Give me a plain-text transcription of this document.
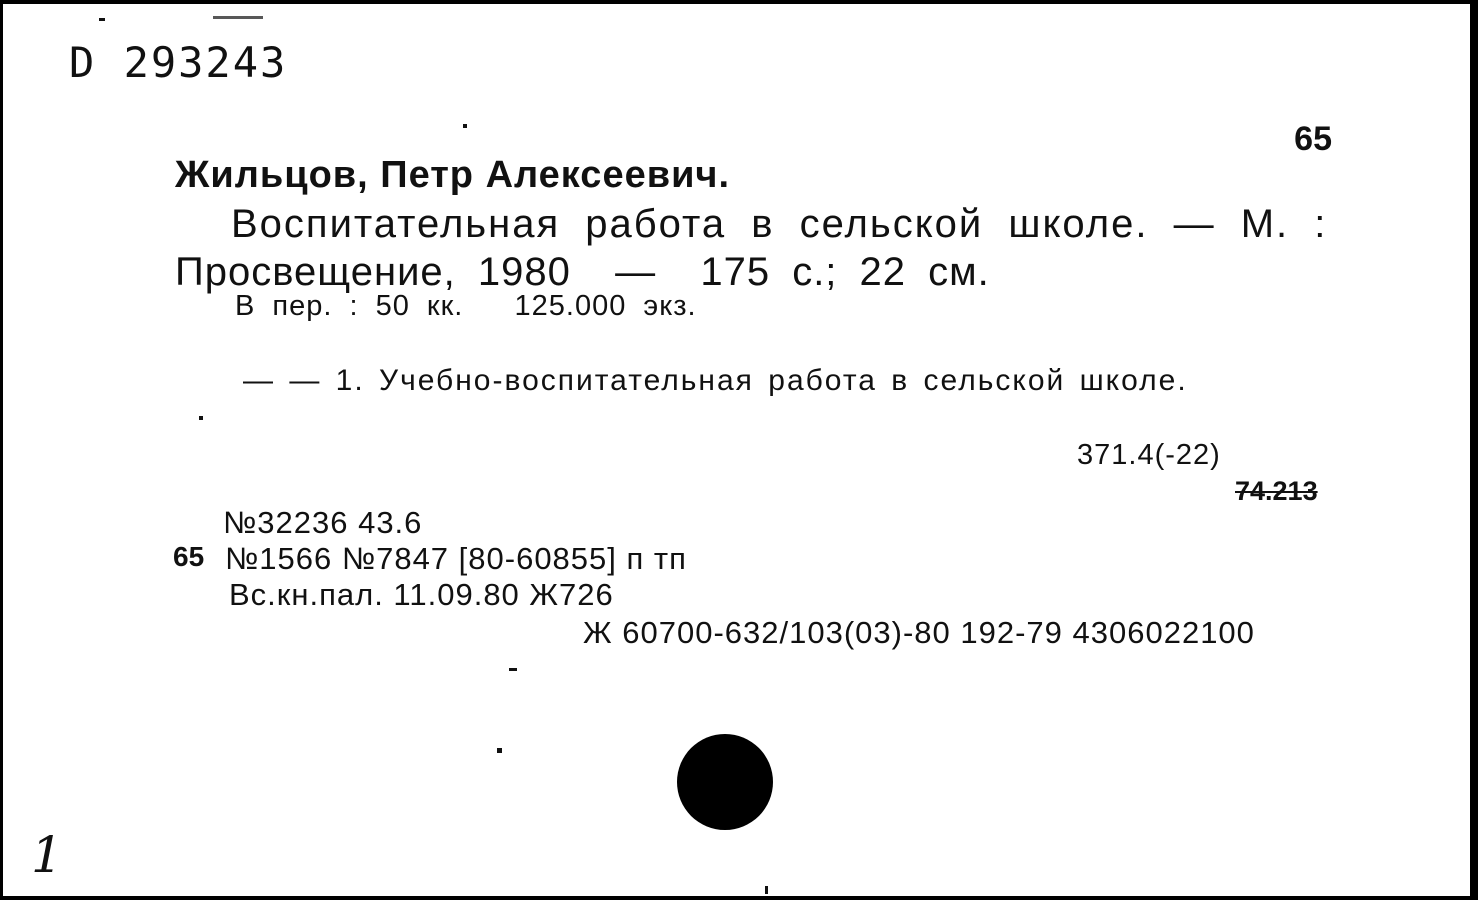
D 293243
65
Жильцов, Петр Алексеевич.
Воспитательная работа в сельской школе. — М. :
Просвещение, 1980  —  175 с.; 22 см.
В пер. : 50 кк.   125.000 экз.
— — 1. Учебно-воспитательная работа в сельской школе.
371.4(-22)
74.213
№32236 43.6
65 №1566 №7847 [80-60855] п тп
Вс.кн.пал. 11.09.80 Ж726
Ж 60700-632/103(03)-80 192-79 4306022100
1
